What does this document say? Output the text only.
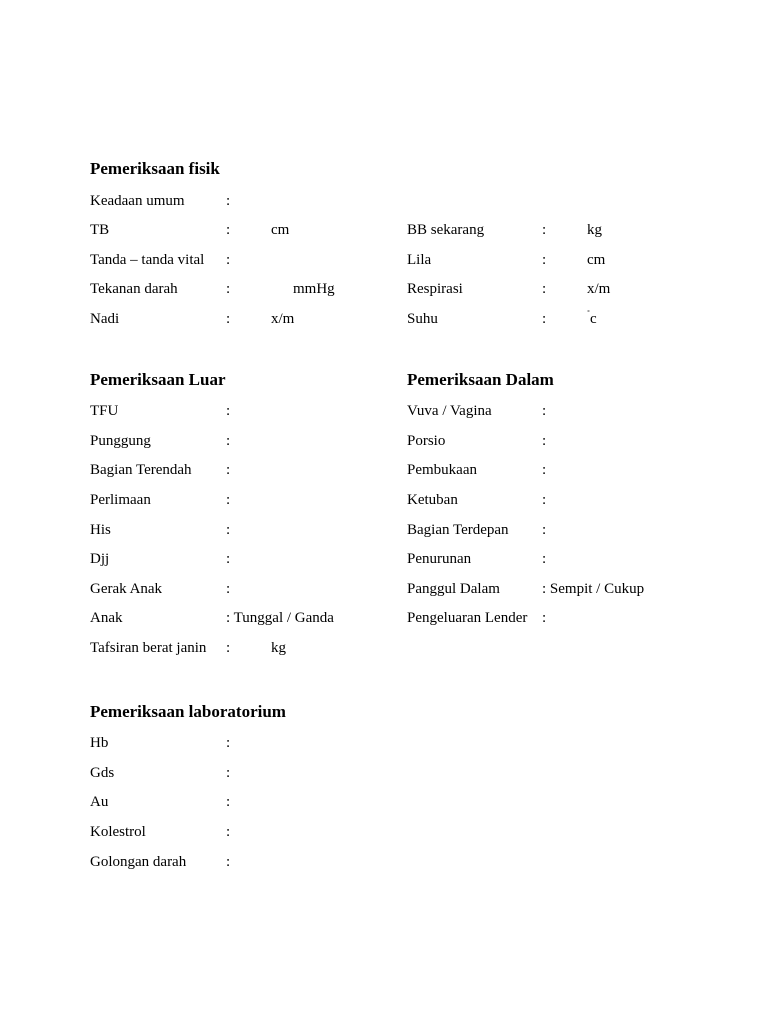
Pemeriksaan fisik
Keadaan umum	:
TB	:	cm	BB sekarang	:	kg
Tanda – tanda vital :	Lila	:	cm
Tekanan darah	:	mmHg	Respirasi	:	x/m
Nadi	:	x/m	Suhu	:	˚c
Pemeriksaan Luar
TFU	:
Punggung	:
Bagian Terendah :
Perlimaan	:
His	:
Djj	:
Gerak Anak	:
Anak	: Tunggal / Ganda
Tafsiran berat janin :	kg
Pemeriksaan Dalam
Vuva / Vagina	:
Porsio	:
Pembukaan	:
Ketuban	:
Bagian Terdepan :
Penurunan	:
Panggul Dalam	: Sempit / Cukup
Pengeluaran Lender :
Pemeriksaan laboratorium
Hb	:
Gds	:
Au	:
Kolestrol	:
Golongan darah	:
